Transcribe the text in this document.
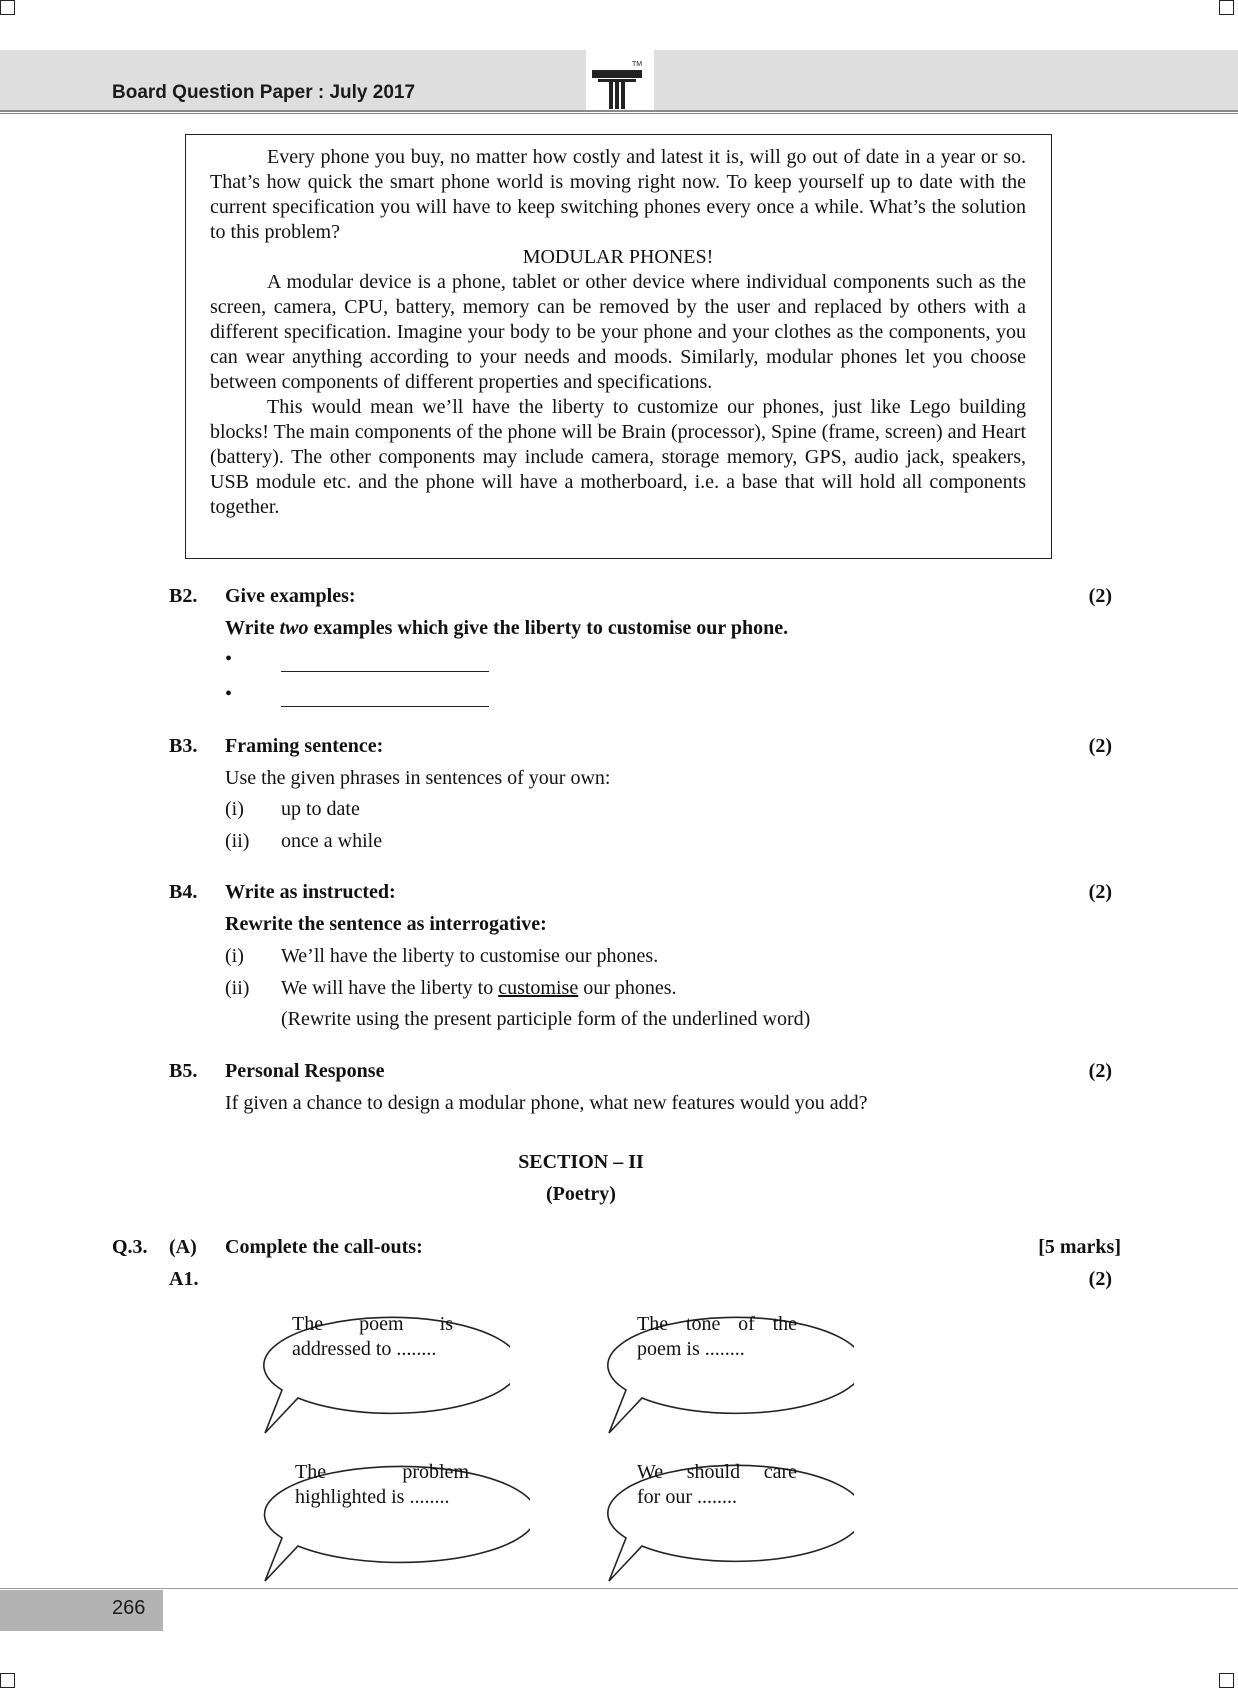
Board Question Paper : July 2017
TM

Every phone you buy, no matter how costly and latest it is, will go out of date in a year or so. That’s how quick the smart phone world is moving right now. To keep yourself up to date with the current specification you will have to keep switching phones every once a while. What’s the solution to this problem?

MODULAR PHONES!

A modular device is a phone, tablet or other device where individual components such as the screen, camera, CPU, battery, memory can be removed by the user and replaced by others with a different specification. Imagine your body to be your phone and your clothes as the components, you can wear anything according to your needs and moods. Similarly, modular phones let you choose between components of different properties and specifications.

This would mean we’ll have the liberty to customize our phones, just like Lego building blocks! The main components of the phone will be Brain (processor), Spine (frame, screen) and Heart (battery). The other components may include camera, storage memory, GPS, audio jack, speakers, USB module etc. and the phone will have a motherboard, i.e. a base that will hold all components together.

B2. Give examples:	(2)
Write two examples which give the liberty to customise our phone.
•
•
B3. Framing sentence:	(2)
Use the given phrases in sentences of your own:
(i) up to date
(ii) once a while
B4. Write as instructed:	(2)
Rewrite the sentence as interrogative:
(i) We’ll have the liberty to customise our phones.
(ii) We will have the liberty to customise our phones.
(Rewrite using the present participle form of the underlined word)
B5. Personal Response	(2)
If given a chance to design a modular phone, what new features would you add?
SECTION – II
(Poetry)
Q.3. (A) Complete the call-outs:	[5 marks]
A1.	(2)
The poem is
addressed to ........
The tone of the
poem is ........
The problem
highlighted is ........
We should care
for our ........
266
